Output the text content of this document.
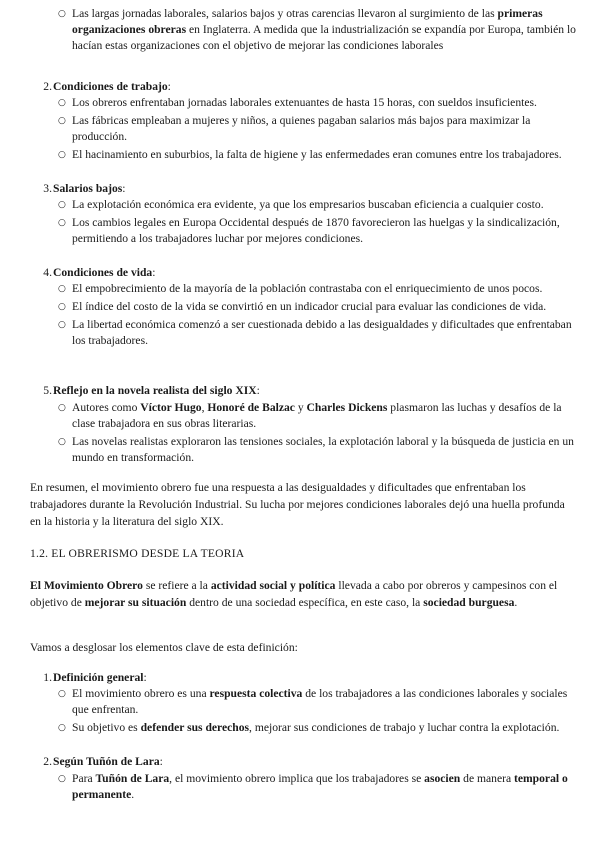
○ Las largas jornadas laborales, salarios bajos y otras carencias llevaron al surgimiento de las primeras organizaciones obreras en Inglaterra. A medida que la industrialización se expandía por Europa, también lo hacían estas organizaciones con el objetivo de mejorar las condiciones laborales
2. Condiciones de trabajo:
○ Los obreros enfrentaban jornadas laborales extenuantes de hasta 15 horas, con sueldos insuficientes.
○ Las fábricas empleaban a mujeres y niños, a quienes pagaban salarios más bajos para maximizar la producción.
○ El hacinamiento en suburbios, la falta de higiene y las enfermedades eran comunes entre los trabajadores.
3. Salarios bajos:
○ La explotación económica era evidente, ya que los empresarios buscaban eficiencia a cualquier costo.
○ Los cambios legales en Europa Occidental después de 1870 favorecieron las huelgas y la sindicalización, permitiendo a los trabajadores luchar por mejores condiciones.
4. Condiciones de vida:
○ El empobrecimiento de la mayoría de la población contrastaba con el enriquecimiento de unos pocos.
○ El índice del costo de la vida se convirtió en un indicador crucial para evaluar las condiciones de vida.
○ La libertad económica comenzó a ser cuestionada debido a las desigualdades y dificultades que enfrentaban los trabajadores.
5. Reflejo en la novela realista del siglo XIX:
○ Autores como Víctor Hugo, Honoré de Balzac y Charles Dickens plasmaron las luchas y desafíos de la clase trabajadora en sus obras literarias.
○ Las novelas realistas exploraron las tensiones sociales, la explotación laboral y la búsqueda de justicia en un mundo en transformación.

En resumen, el movimiento obrero fue una respuesta a las desigualdades y dificultades que enfrentaban los trabajadores durante la Revolución Industrial. Su lucha por mejores condiciones laborales dejó una huella profunda en la historia y la literatura del siglo XIX.

1.2. EL OBRERISMO DESDE LA TEORIA

El Movimiento Obrero se refiere a la actividad social y política llevada a cabo por obreros y campesinos con el objetivo de mejorar su situación dentro de una sociedad específica, en este caso, la sociedad burguesa.

Vamos a desglosar los elementos clave de esta definición:

1. Definición general:
○ El movimiento obrero es una respuesta colectiva de los trabajadores a las condiciones laborales y sociales que enfrentan.
○ Su objetivo es defender sus derechos, mejorar sus condiciones de trabajo y luchar contra la explotación.
2. Según Tuñón de Lara:
○ Para Tuñón de Lara, el movimiento obrero implica que los trabajadores se asocien de manera temporal o permanente.
